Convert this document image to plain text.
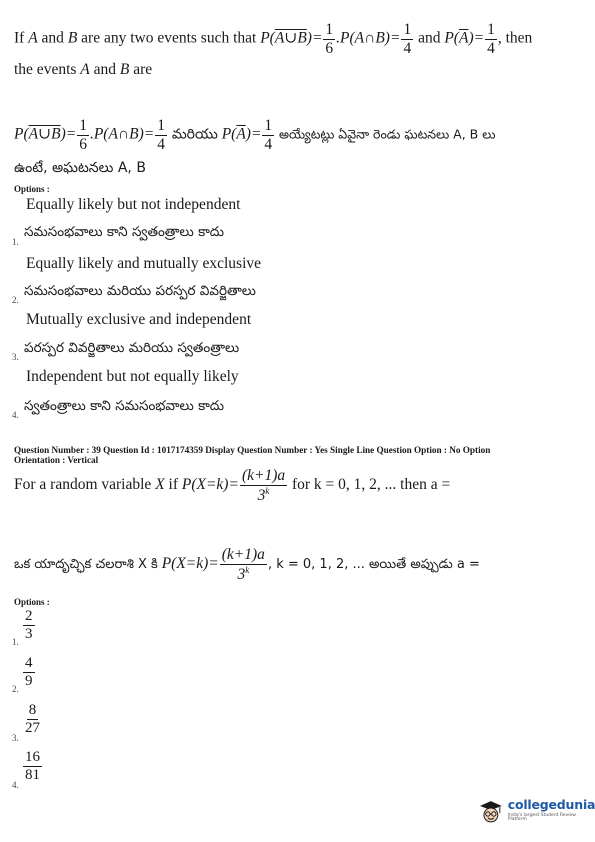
If A and B are any two events such that P(A∪B)= $\frac{1}{6}$ .P(A∩B)= $\frac{1}{4}$ and $P(\overline{A})= \frac{1}{4}$ , then
the events A and B are
P(A∪B)= $\frac{1}{6}$ .P(A∩B)= $\frac{1}{4}$ మరియు $P(\overline{A})= \frac{1}{4}$ అయ్యేటట్లు ఏవైనా రెండు ఘటనలు A, B లు
ఉంటే, అఘటనలు A, B
Options :
Equally likely but not independent
1.
సమసంభవాలు కాని స్వతంత్రాలు కాదు
Equally likely and mutually exclusive
2.
సమసంభవాలు మరియు పరస్పర వివర్జితాలు
Mutually exclusive and independent
3.
పరస్పర వివర్జితాలు మరియు స్వతంత్రాలు
Independent but not equally likely
4.
స్వతంత్రాలు కాని సమసంభవాలు కాదు
Question Number : 39 Question Id : 1017174359 Display Question Number : Yes Single Line Question Option : No Option
Orientation : Vertical
For a random variable X if $P(X=k)= \frac{(k+1)a}{3^k}$ for k = 0, 1, 2, ... then a =
ఒక యాదృచ్ఛిక చలరాశి X కి $P(X=k)= \frac{(k+1)a}{3^k}$ , k = 0, 1, 2, ... అయితే అప్పుడు a =
Options :
1. $\frac{2}{3}$
2. $\frac{4}{9}$
3.
$\frac{8}{27}$
4.
$\frac{16}{81}$
collegedunia
India's largest Student Review Platform
